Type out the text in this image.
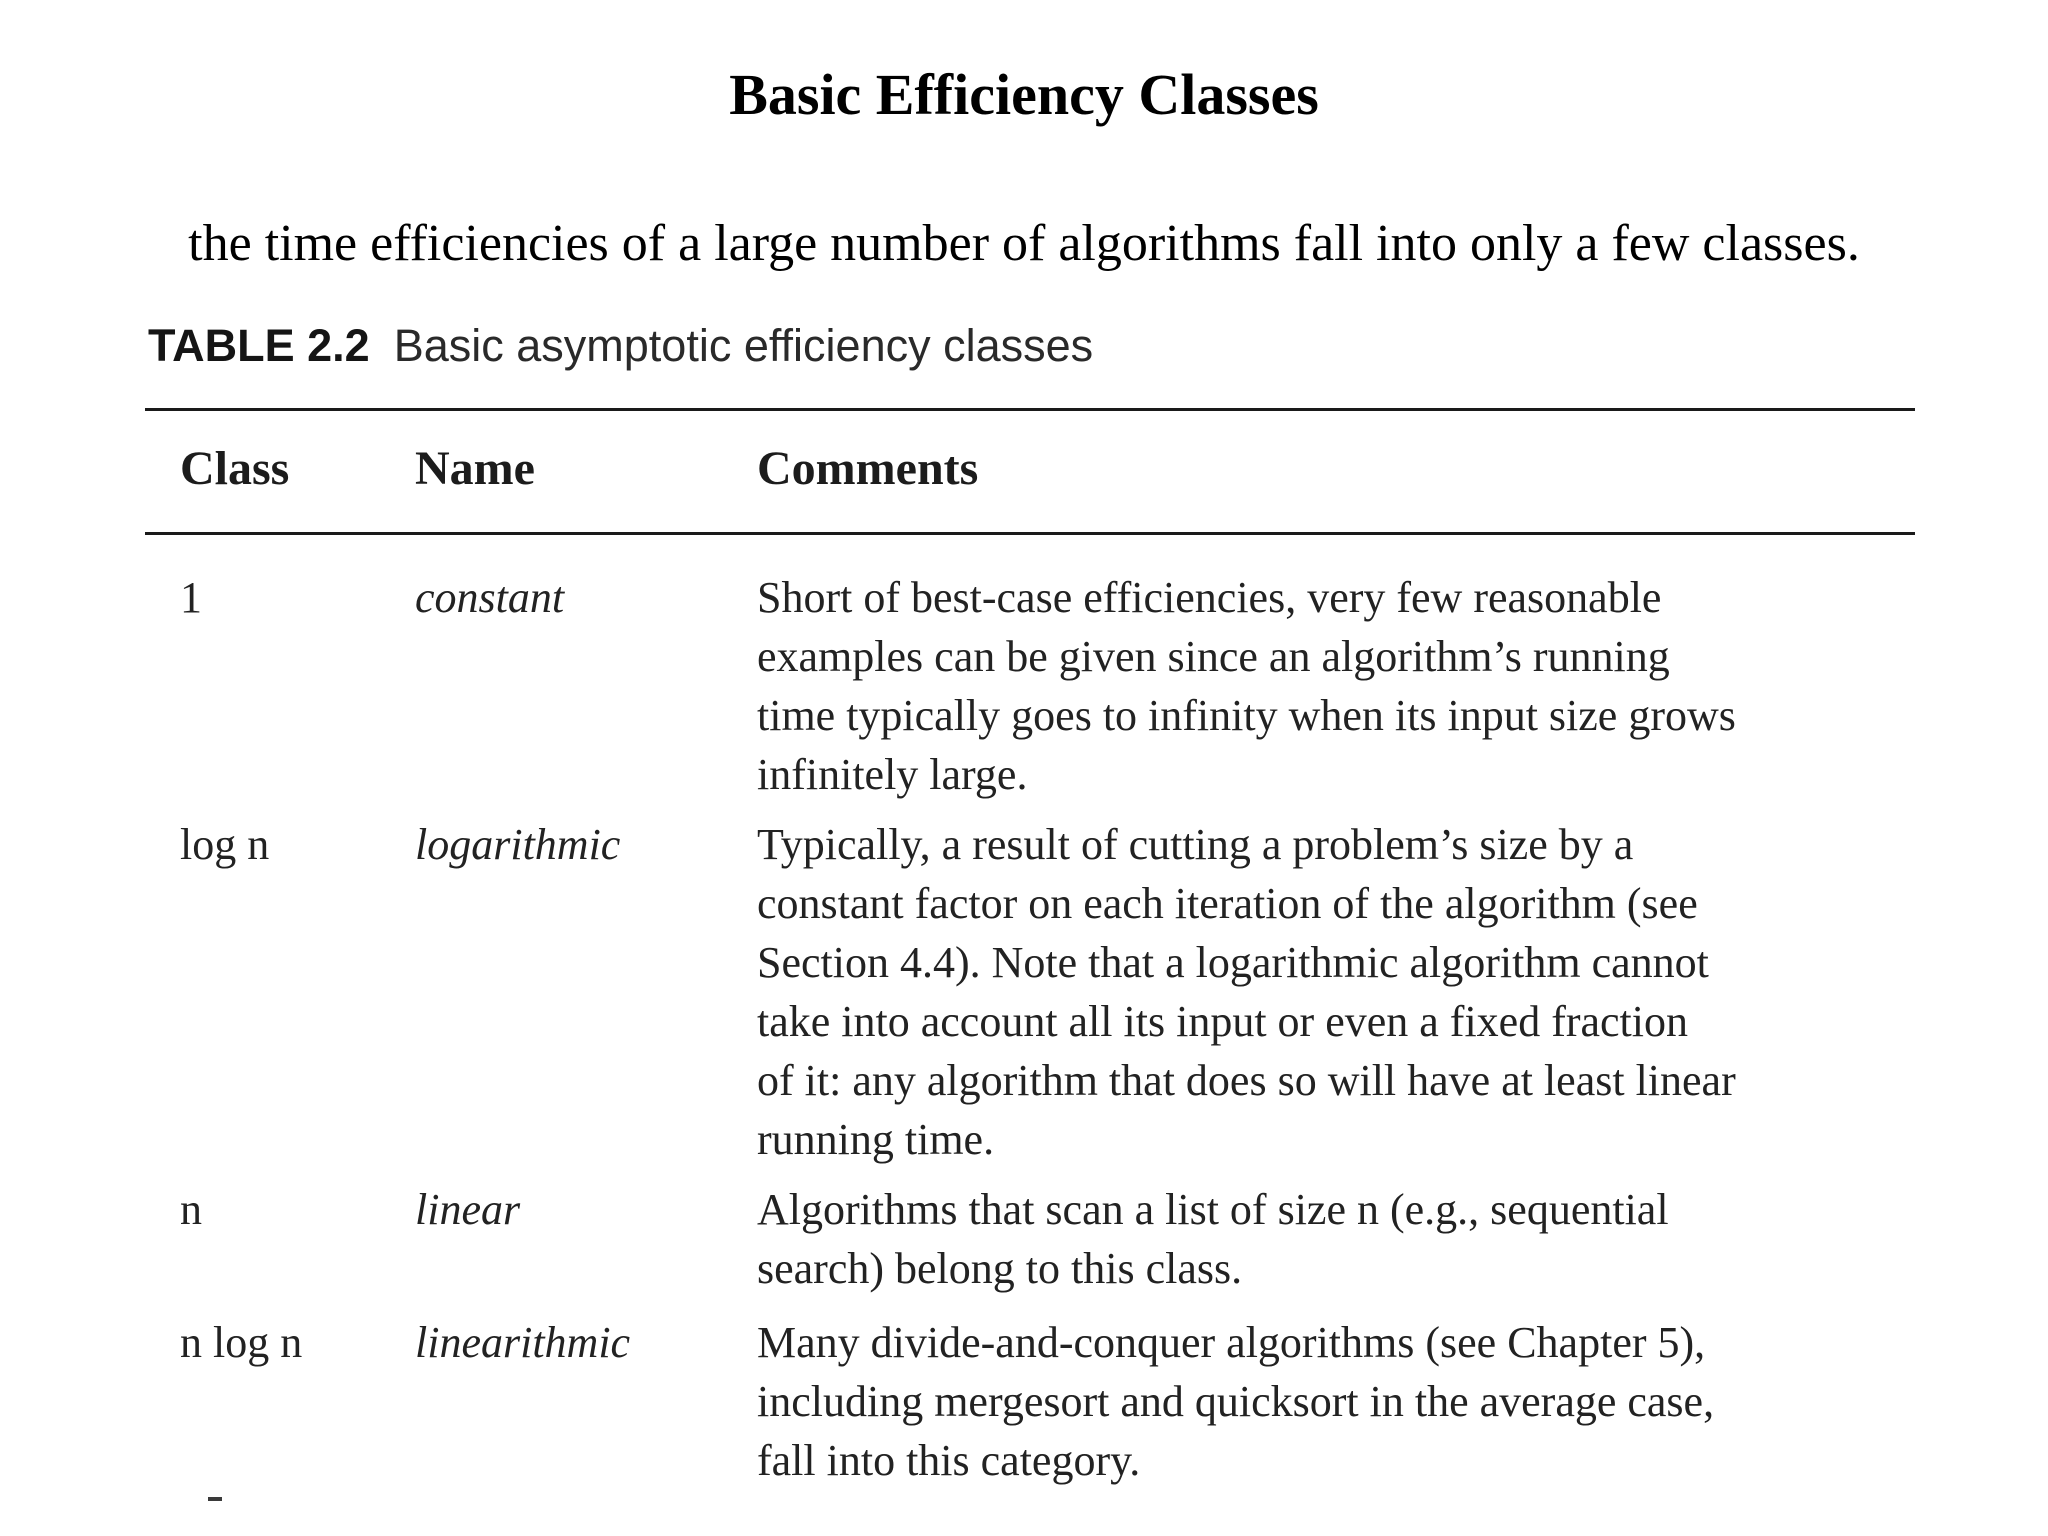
Basic Efficiency Classes

the time efficiencies of a large number of algorithms fall into only a few classes.

TABLE 2.2 Basic asymptotic efficiency classes
Class	Name	Comments
1	constant	Short of best-case efficiencies, very few reasonable
examples can be given since an algorithm’s running
time typically goes to infinity when its input size grows
infinitely large.
log n	logarithmic	Typically, a result of cutting a problem’s size by a
constant factor on each iteration of the algorithm (see
Section 4.4). Note that a logarithmic algorithm cannot
take into account all its input or even a fixed fraction
of it: any algorithm that does so will have at least linear
running time.
n	linear	Algorithms that scan a list of size n (e.g., sequential
search) belong to this class.
n log n	linearithmic	Many divide-and-conquer algorithms (see Chapter 5),
including mergesort and quicksort in the average case,
fall into this category.
